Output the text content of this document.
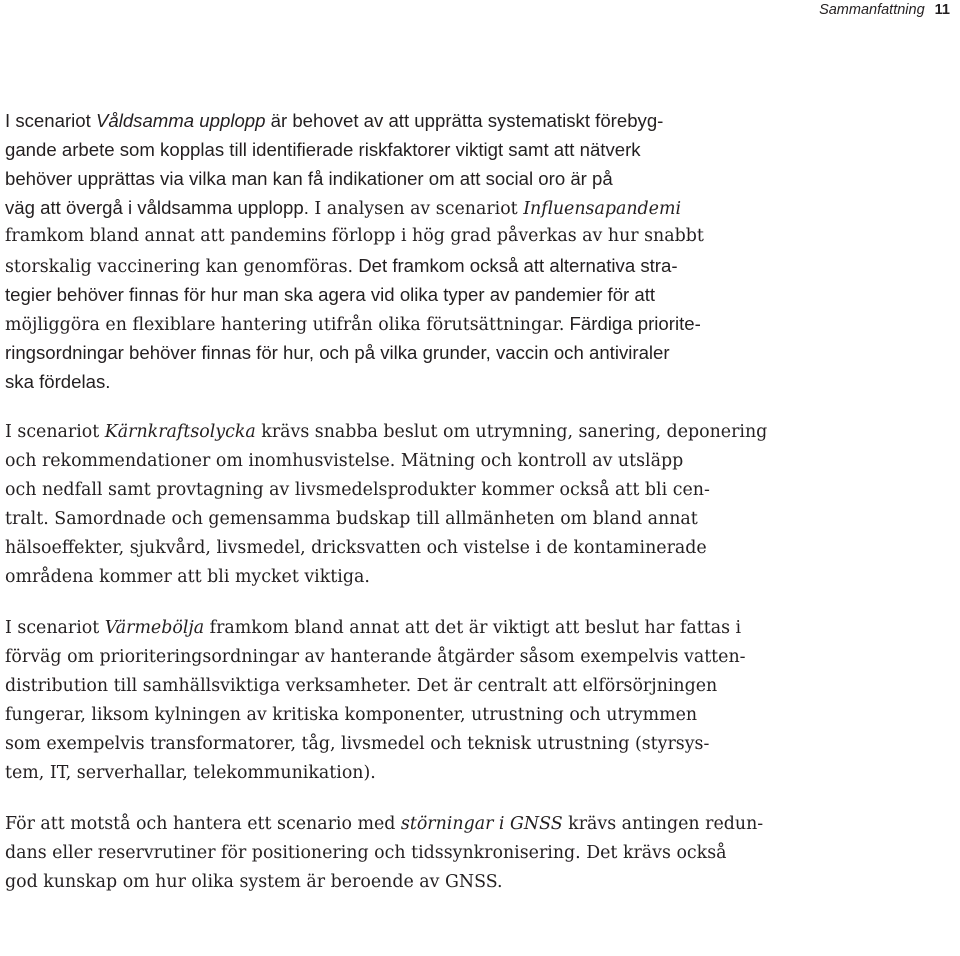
Sammanfattning 11
I scenariot Våldsamma upplopp är behovet av att upprätta systematiskt förebyg-
gande arbete som kopplas till identifierade riskfaktorer viktigt samt att nätverk
behöver upprättas via vilka man kan få indikationer om att social oro är på
väg att övergå i våldsamma upplopp. I analysen av scenariot Influensapandemi
framkom bland annat att pandemins förlopp i hög grad påverkas av hur snabbt
storskalig vaccinering kan genomföras. Det framkom också att alternativa stra-
tegier behöver finnas för hur man ska agera vid olika typer av pandemier för att
möjliggöra en flexiblare hantering utifrån olika förutsättningar. Färdiga priorite-
ringsordningar behöver finnas för hur, och på vilka grunder, vaccin och antiviraler
ska fördelas.
I scenariot Kärnkraftsolycka krävs snabba beslut om utrymning, sanering, deponering
och rekommendationer om inomhusvistelse. Mätning och kontroll av utsläpp
och nedfall samt provtagning av livsmedelsprodukter kommer också att bli cen-
tralt. Samordnade och gemensamma budskap till allmänheten om bland annat
hälsoeffekter, sjukvård, livsmedel, dricksvatten och vistelse i de kontaminerade
områdena kommer att bli mycket viktiga.
I scenariot Värmebölja framkom bland annat att det är viktigt att beslut har fattas i
förväg om prioriteringsordningar av hanterande åtgärder såsom exempelvis vatten-
distribution till samhällsviktiga verksamheter. Det är centralt att elförsörjningen
fungerar, liksom kylningen av kritiska komponenter, utrustning och utrymmen
som exempelvis transformatorer, tåg, livsmedel och teknisk utrustning (styrsys-
tem, IT, serverhallar, telekommunikation).
För att motstå och hantera ett scenario med störningar i GNSS krävs antingen redun-
dans eller reservrutiner för positionering och tidssynkronisering. Det krävs också
god kunskap om hur olika system är beroende av GNSS.
